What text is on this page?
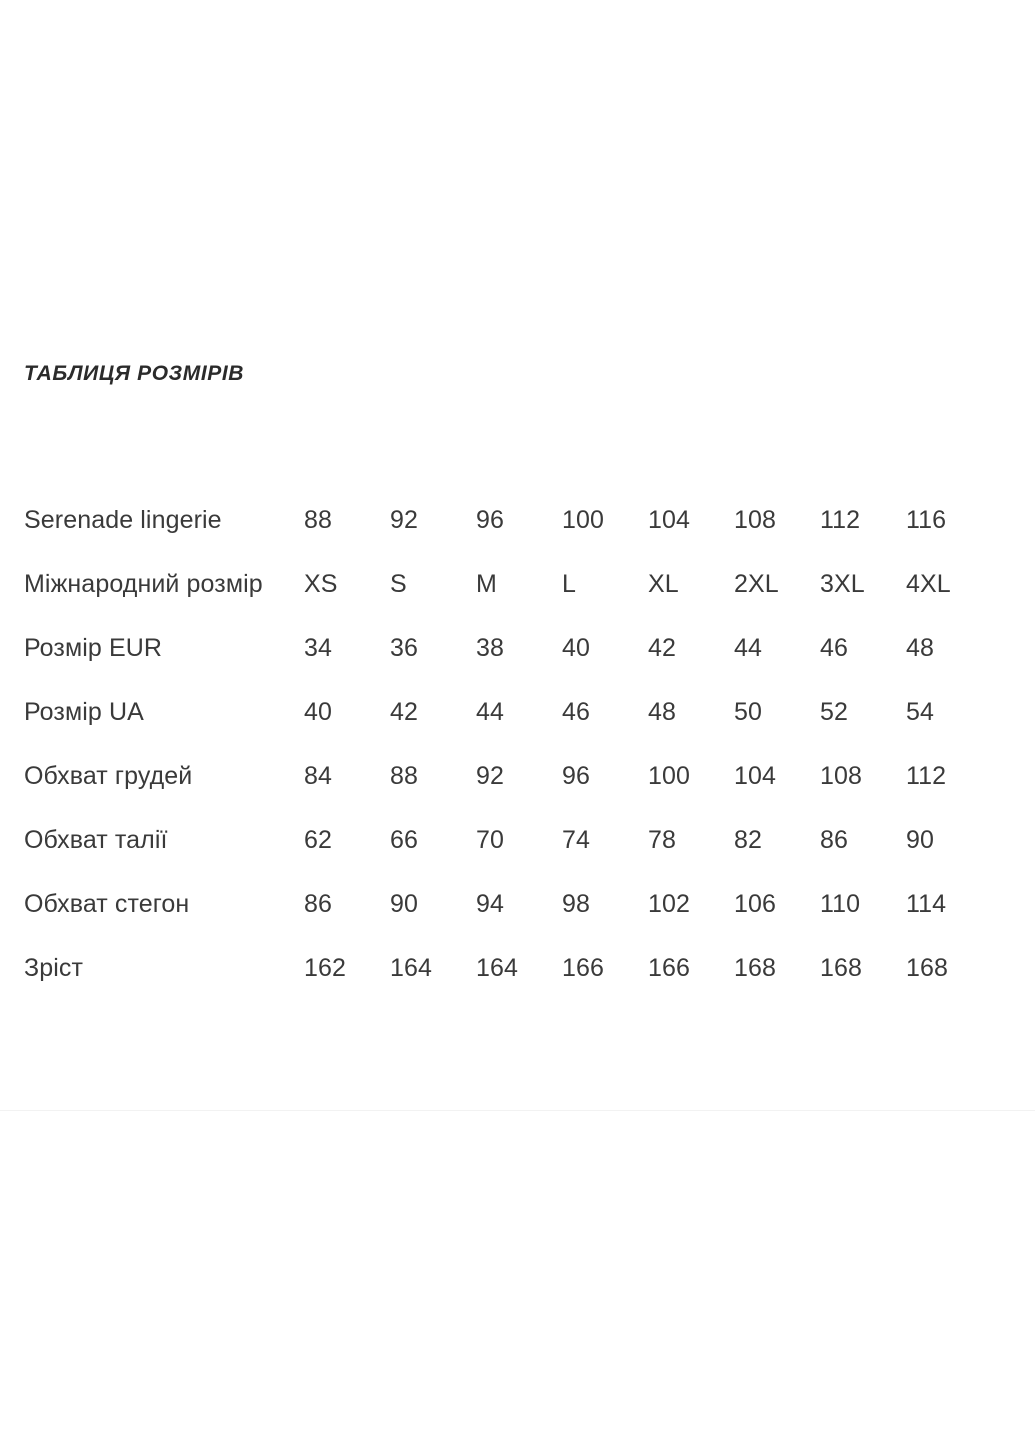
ТАБЛИЦЯ РОЗМІРІВ
Serenade lingerie	88	92	96	100	104	108	112	116
Міжнародний розмір	XS	S	M	L	XL	2XL	3XL	4XL
Розмір EUR	34	36	38	40	42	44	46	48
Розмір UA	40	42	44	46	48	50	52	54
Обхват грудей	84	88	92	96	100	104	108	112
Обхват талії	62	66	70	74	78	82	86	90
Обхват стегон	86	90	94	98	102	106	110	114
Зріст	162	164	164	166	166	168	168	168
